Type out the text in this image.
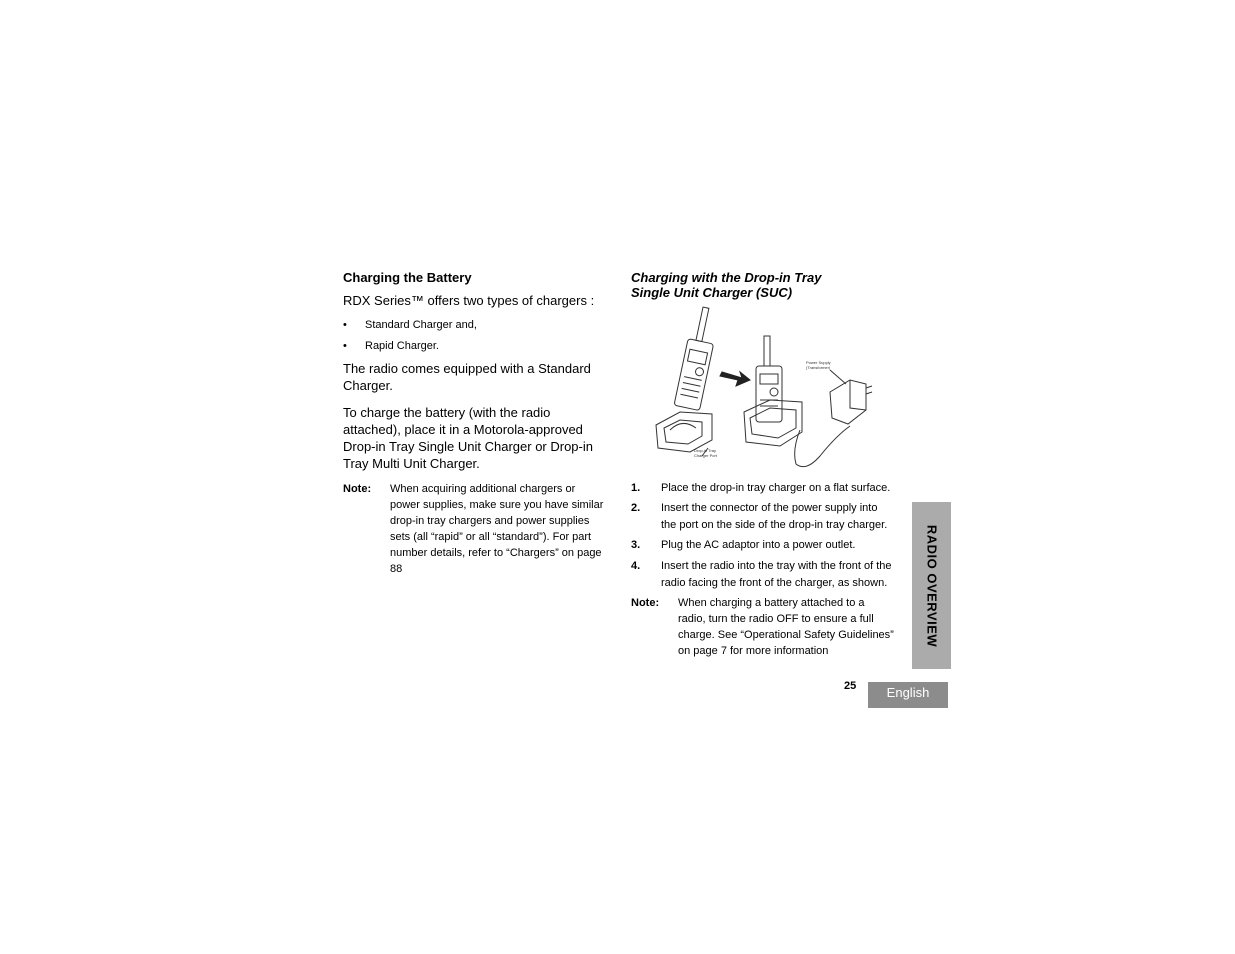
Charging the Battery
RDX Series™ offers two types of chargers :
• Standard Charger and,
• Rapid Charger.
The radio comes equipped with a Standard Charger.
To charge the battery (with the radio attached), place it in a Motorola-approved Drop-in Tray Single Unit Charger or Drop-in Tray Multi Unit Charger.
Note: When acquiring additional chargers or power supplies, make sure you have similar drop-in tray chargers and power supplies sets (all “rapid” or all “standard”). For part number details, refer to “Chargers” on page 88
Charging with the Drop-in Tray
Single Unit Charger (SUC)
Power Supply
(Transformer)
Drop-in Tray
Charger Port
1. Place the drop-in tray charger on a flat surface.
2. Insert the connector of the power supply into the port on the side of the drop-in tray charger.
3. Plug the AC adaptor into a power outlet.
4. Insert the radio into the tray with the front of the radio facing the front of the charger, as shown.
Note: When charging a battery attached to a radio, turn the radio OFF to ensure a full charge. See “Operational Safety Guidelines” on page 7 for more information
RADIO OVERVIEW
25	English
